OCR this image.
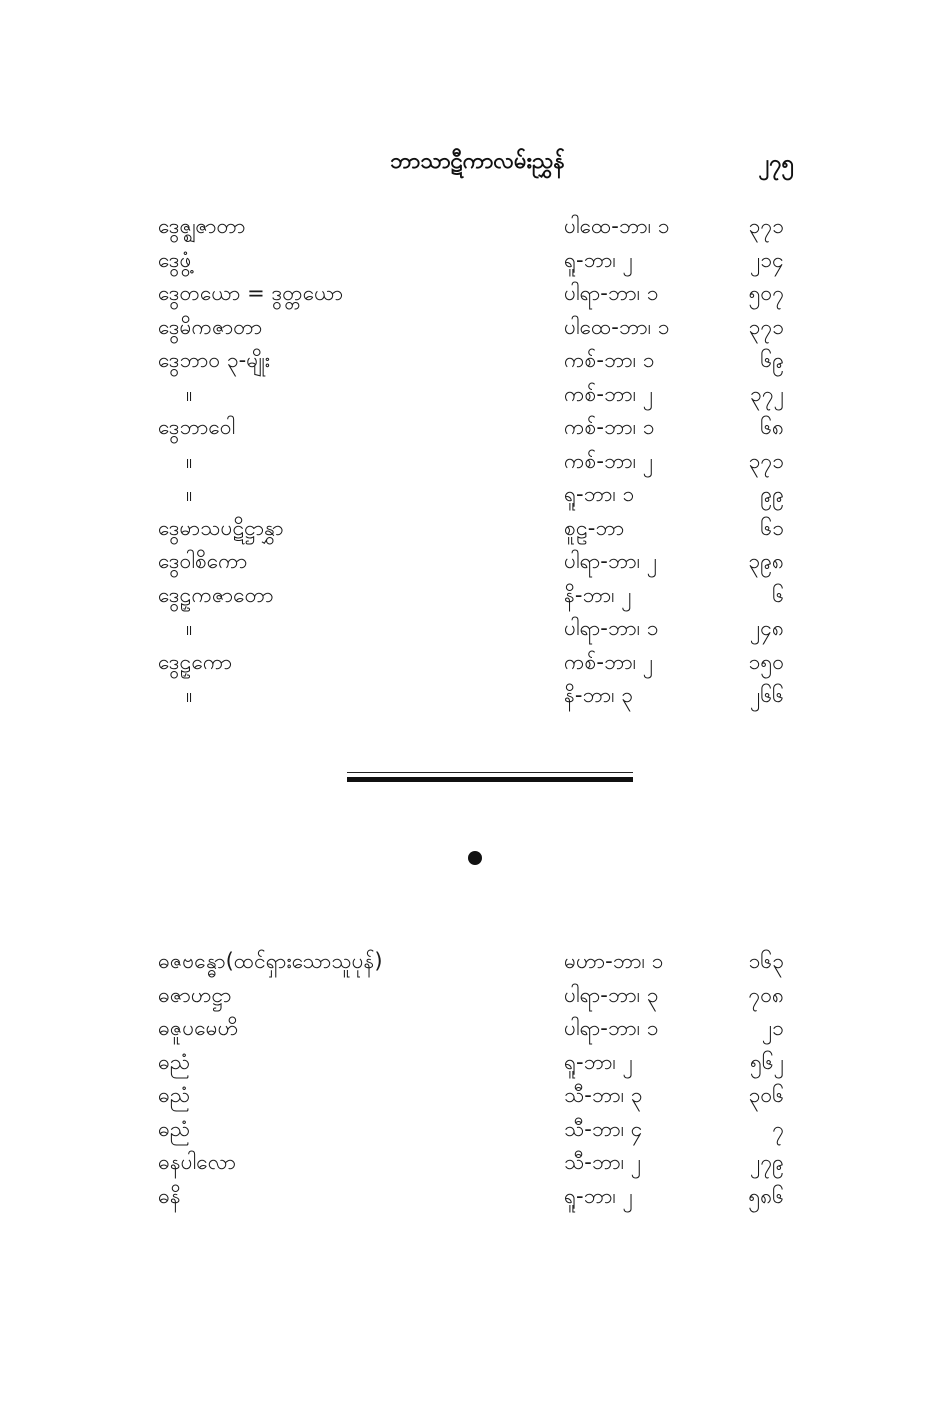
ဘာသာဋီကာလမ်းညွှန်	၂၇၅
ဒွေဇ္ဈဇာတာ	ပါထေ-ဘာ၊ ၁	၃၇၁
ဒွေဖွံ့	ရူ-ဘာ၊ ၂	၂၁၄
ဒွေတယော = ဒွတ္တယော	ပါရာ-ဘာ၊ ၁	၅၀၇
ဒွေမိကဇာတာ	ပါထေ-ဘာ၊ ၁	၃၇၁
ဒွေဘာဝ ၃-မျိုး	ကစ်-ဘာ၊ ၁	၆၉
။	ကစ်-ဘာ၊ ၂	၃၇၂
ဒွေဘာဝေါ	ကစ်-ဘာ၊ ၁	၆၈
။	ကစ်-ဘာ၊ ၂	၃၇၁
။	ရူ-ဘာ၊ ၁	၉၉
ဒွေမာသပဋိဋ္ဌာနွှာ	စူဠ-ဘာ	၆၁
ဒွေဝါစိကော	ပါရာ-ဘာ၊ ၂	၃၉၈
ဒွေဠှကဇာတော	နိ-ဘာ၊ ၂	၆
။	ပါရာ-ဘာ၊ ၁	၂၄၈
ဒွေဠှကော	ကစ်-ဘာ၊ ၂	၁၅၀
။	နိ-ဘာ၊ ၃	၂၆၆
ဓဇဗန္ဓော(ထင်ရှားသောသူပုန်)	မဟာ-ဘာ၊ ၁	၁၆၃
ဓဇာဟဋ္ဌာ	ပါရာ-ဘာ၊ ၃	၇၀၈
ဓဇူပမေဟိ	ပါရာ-ဘာ၊ ၁	၂၁
ဓညံ	ရူ-ဘာ၊ ၂	၅၆၂
ဓညံ	သီ-ဘာ၊ ၃	၃၀၆
ဓညံ	သီ-ဘာ၊ ၄	၇
ဓနပါလော	သီ-ဘာ၊ ၂	၂၇၉
ဓနိ	ရူ-ဘာ၊ ၂	၅၈၆
